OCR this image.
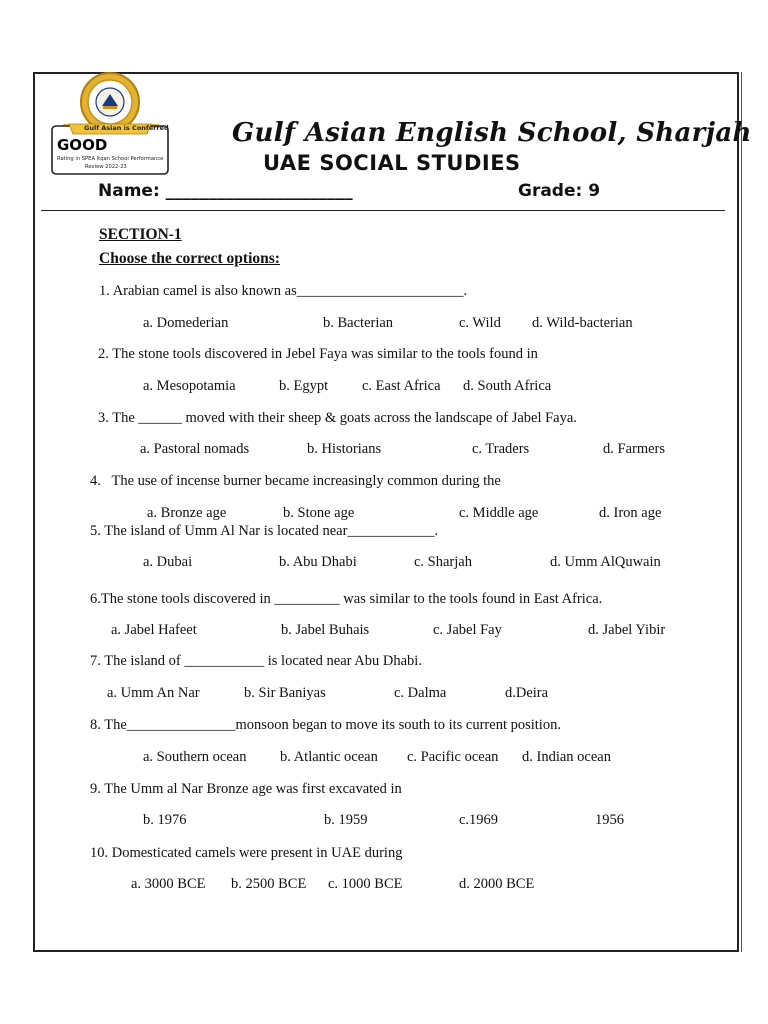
Gulf Asian is Conferred
GOOD
Rating in SPEA Itqan School Performance
Review 2022-23
Gulf Asian English School, Sharjah
UAE SOCIAL STUDIES
Name: ______________________	Grade: 9
SECTION-1
Choose the correct options:
1. Arabian camel is also known as_______________________.
a. Domederian	b. Bacterian	c. Wild d. Wild-bacterian
2. The stone tools discovered in Jebel Faya was similar to the tools found in
a. Mesopotamia	b. Egypt c. East Africa d. South Africa
3. The ______ moved with their sheep & goats across the landscape of Jabel Faya.
a. Pastoral nomads	b. Historians	c. Traders	d. Farmers
4.   The use of incense burner became increasingly common during the
a. Bronze age	b. Stone age	c. Middle age	d. Iron age
5. The island of Umm Al Nar is located near____________.
a. Dubai	b. Abu Dhabi	c. Sharjah	d. Umm AlQuwain
6.The stone tools discovered in _________ was similar to the tools found in East Africa.
a. Jabel Hafeet	b. Jabel Buhais	c. Jabel Fay	d. Jabel Yibir
7. The island of ___________ is located near Abu Dhabi.
a. Umm An Nar	b. Sir Baniyas	c. Dalma	d.Deira
8. The_______________monsoon began to move its south to its current position.
a. Southern ocean b. Atlantic ocean c. Pacific ocean d. Indian ocean
9. The Umm al Nar Bronze age was first excavated in
b. 1976	b. 1959	c.1969	1956
10. Domesticated camels were present in UAE during
a. 3000 BCE b. 2500 BCE c. 1000 BCE	d. 2000 BCE
